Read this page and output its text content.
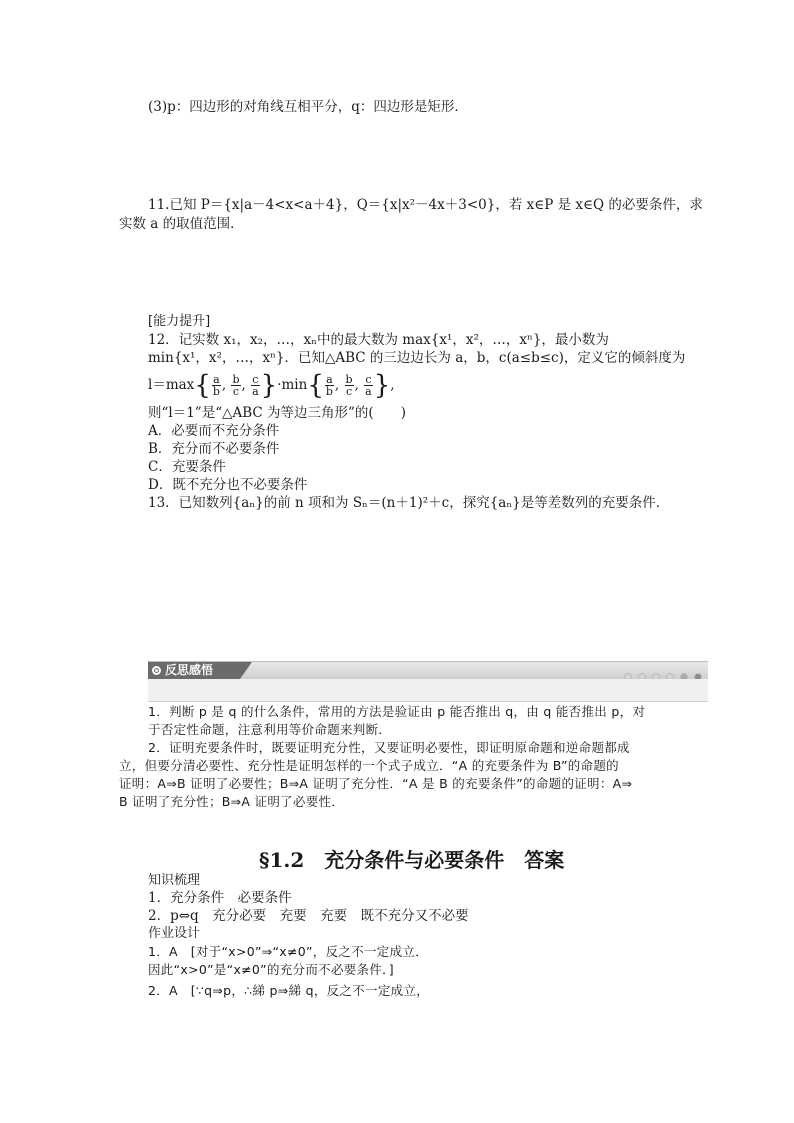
(3)p：四边形的对角线互相平分，q：四边形是矩形．
11.已知 P＝{x|a－4<x<a＋4}，Q＝{x|x²－4x＋3<0}，若 x∈P 是 x∈Q 的必要条件，求
实数 a 的取值范围．
[能力提升]
12．记实数 x₁，x₂，…，xₙ中的最大数为 max{x¹，x²，…，xⁿ}，最小数为
min{x¹，x²，…，xⁿ}．已知△ABC 的三边边长为 a，b，c(a≤b≤c)，定义它的倾斜度为
$l=\max\{ \frac{a}{b}$ , $\frac{b}{c}$ , $\frac{c}{a} \}\cdot\min\{ \frac{a}{b}$ , $\frac{b}{c}$ , $\frac{c}{a}$ },
则“l＝1”是“△ABC 为等边三角形”的(　　)
A．必要而不充分条件
B．充分而不必要条件
C．充要条件
D．既不充分也不必要条件
13．已知数列{aₙ}的前 n 项和为 Sₙ＝(n＋1)²＋c，探究{aₙ}是等差数列的充要条件．
反思感悟
1．判断 p 是 q 的什么条件，常用的方法是验证由 p 能否推出 q，由 q 能否推出 p，对
于否定性命题，注意利用等价命题来判断．
2．证明充要条件时，既要证明充分性，又要证明必要性，即证明原命题和逆命题都成
立，但要分清必要性、充分性是证明怎样的一个式子成立．“A 的充要条件为 B”的命题的
证明：A⇒B 证明了必要性；B⇒A 证明了充分性．“A 是 B 的充要条件”的命题的证明：A⇒
B 证明了充分性；B⇒A 证明了必要性．
§1.2　充分条件与必要条件　答案
知识梳理
1．充分条件　必要条件
2．p⇔q　充分必要　充要　充要　既不充分又不必要
作业设计
1．A　[对于“x>0”⇒“x≠0”，反之不一定成立．
因此“x>0”是“x≠0”的充分而不必要条件．]
2．A　[∵q⇒p，∴綈 p⇒綈 q，反之不一定成立，
